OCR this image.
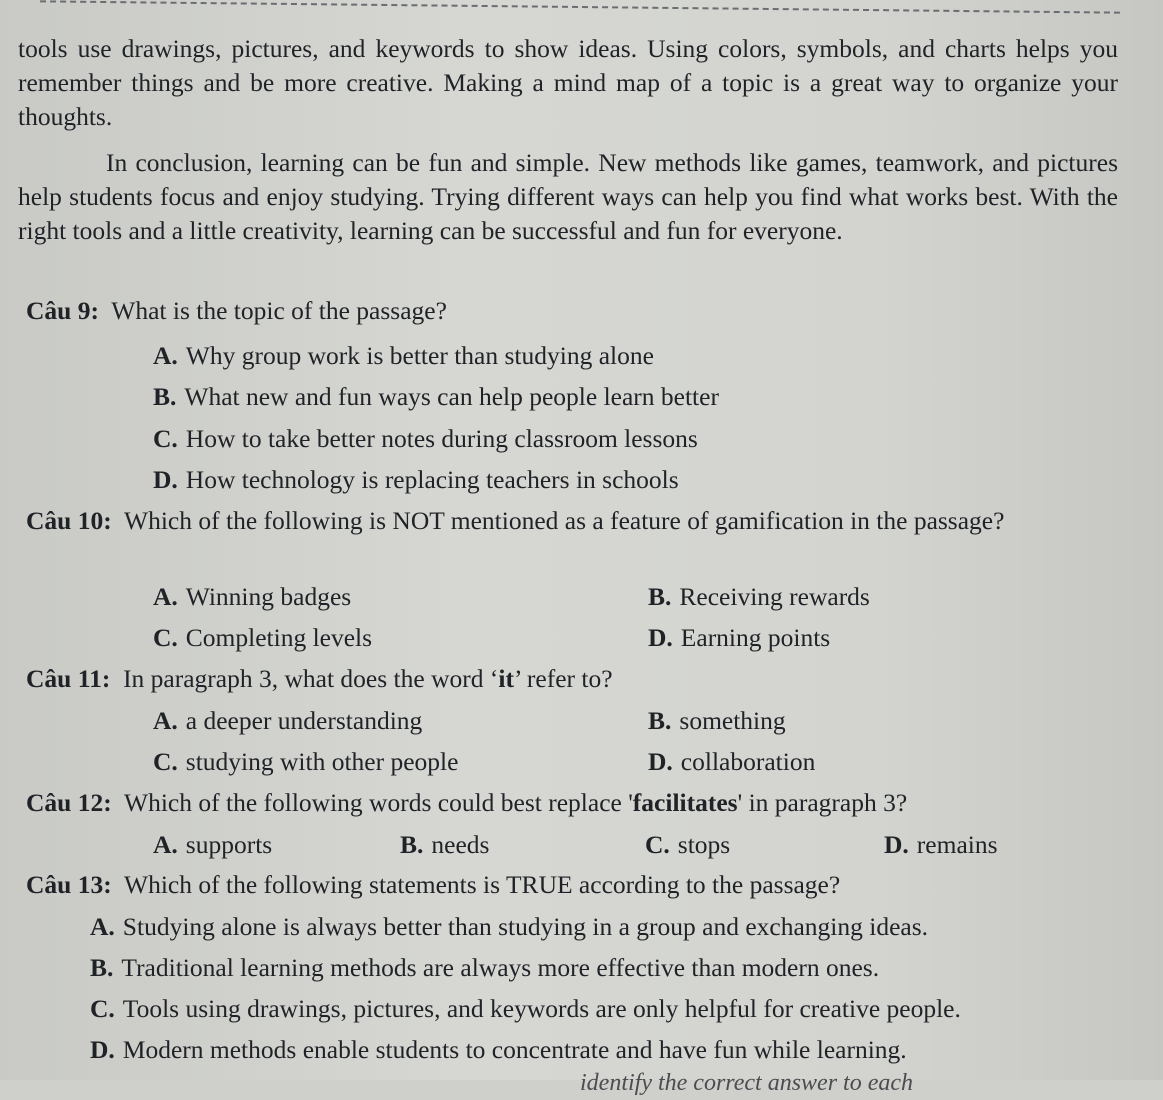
tools use drawings, pictures, and keywords to show ideas. Using colors, symbols, and charts helps you remember things and be more creative. Making a mind map of a topic is a great way to organize your thoughts.

In conclusion, learning can be fun and simple. New methods like games, teamwork, and pictures help students focus and enjoy studying. Trying different ways can help you find what works best. With the right tools and a little creativity, learning can be successful and fun for everyone.

Câu 9: What is the topic of the passage?
A. Why group work is better than studying alone
B. What new and fun ways can help people learn better
C. How to take better notes during classroom lessons
D. How technology is replacing teachers in schools

Câu 10: Which of the following is NOT mentioned as a feature of gamification in the passage?

A. Winning badges	B. Receiving rewards
C. Completing levels	D. Earning points
Câu 11: In paragraph 3, what does the word ‘it’ refer to?
A. a deeper understanding	B. something
C. studying with other people	D. collaboration
Câu 12: Which of the following words could best replace 'facilitates' in paragraph 3?
A. supports	B. needs	C. stops	D. remains
Câu 13: Which of the following statements is TRUE according to the passage?
A. Studying alone is always better than studying in a group and exchanging ideas.
B. Traditional learning methods are always more effective than modern ones.
C. Tools using drawings, pictures, and keywords are only helpful for creative people.
D. Modern methods enable students to concentrate and have fun while learning.
identify the correct answer to each
